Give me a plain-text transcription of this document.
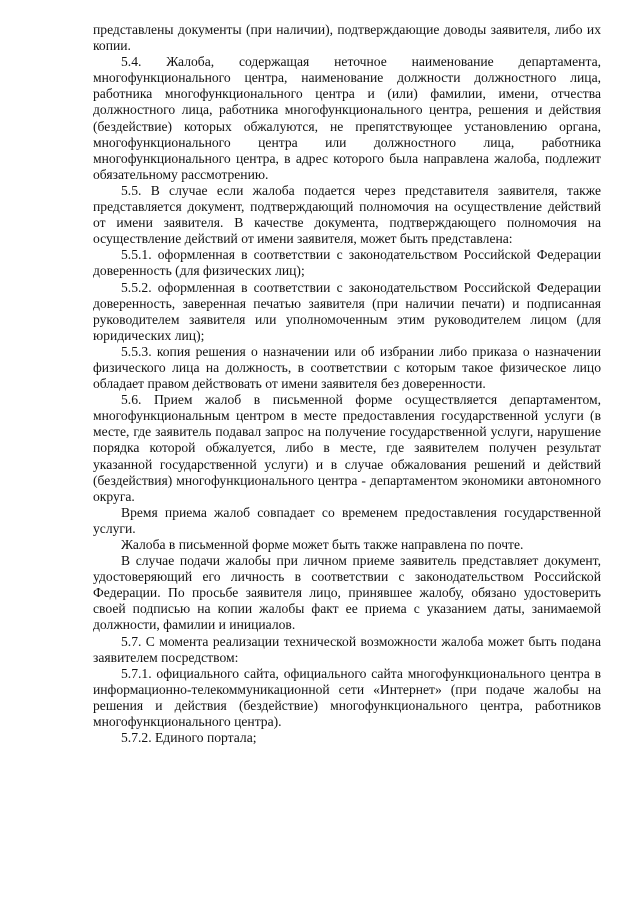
представлены документы (при наличии), подтверждающие доводы заявителя, либо их копии.

5.4. Жалоба, содержащая неточное наименование департамента, многофункционального центра, наименование должности должностного лица, работника многофункционального центра и (или) фамилии, имени, отчества должностного лица, работника многофункционального центра, решения и действия (бездействие) которых обжалуются, не препятствующее установлению органа, многофункционального центра или должностного лица, работника многофункционального центра, в адрес которого была направлена жалоба, подлежит обязательному рассмотрению.

5.5. В случае если жалоба подается через представителя заявителя, также представляется документ, подтверждающий полномочия на осуществление действий от имени заявителя. В качестве документа, подтверждающего полномочия на осуществление действий от имени заявителя, может быть представлена:

5.5.1. оформленная в соответствии с законодательством Российской Федерации доверенность (для физических лиц);

5.5.2. оформленная в соответствии с законодательством Российской Федерации доверенность, заверенная печатью заявителя (при наличии печати) и подписанная руководителем заявителя или уполномоченным этим руководителем лицом (для юридических лиц);

5.5.3. копия решения о назначении или об избрании либо приказа о назначении физического лица на должность, в соответствии с которым такое физическое лицо обладает правом действовать от имени заявителя без доверенности.

5.6. Прием жалоб в письменной форме осуществляется департаментом, многофункциональным центром в месте предоставления государственной услуги (в месте, где заявитель подавал запрос на получение государственной услуги, нарушение порядка которой обжалуется, либо в месте, где заявителем получен результат указанной государственной услуги) и в случае обжалования решений и действий (бездействия) многофункционального центра - департаментом экономики автономного округа.

Время приема жалоб совпадает со временем предоставления государственной услуги.

Жалоба в письменной форме может быть также направлена по почте.

В случае подачи жалобы при личном приеме заявитель представляет документ, удостоверяющий его личность в соответствии с законодательством Российской Федерации. По просьбе заявителя лицо, принявшее жалобу, обязано удостоверить своей подписью на копии жалобы факт ее приема с указанием даты, занимаемой должности, фамилии и инициалов.

5.7. С момента реализации технической возможности жалоба может быть подана заявителем посредством:

5.7.1. официального сайта, официального сайта многофункционального центра в информационно-телекоммуникационной сети «Интернет» (при подаче жалобы на решения и действия (бездействие) многофункционального центра, работников многофункционального центра).

5.7.2. Единого портала;
